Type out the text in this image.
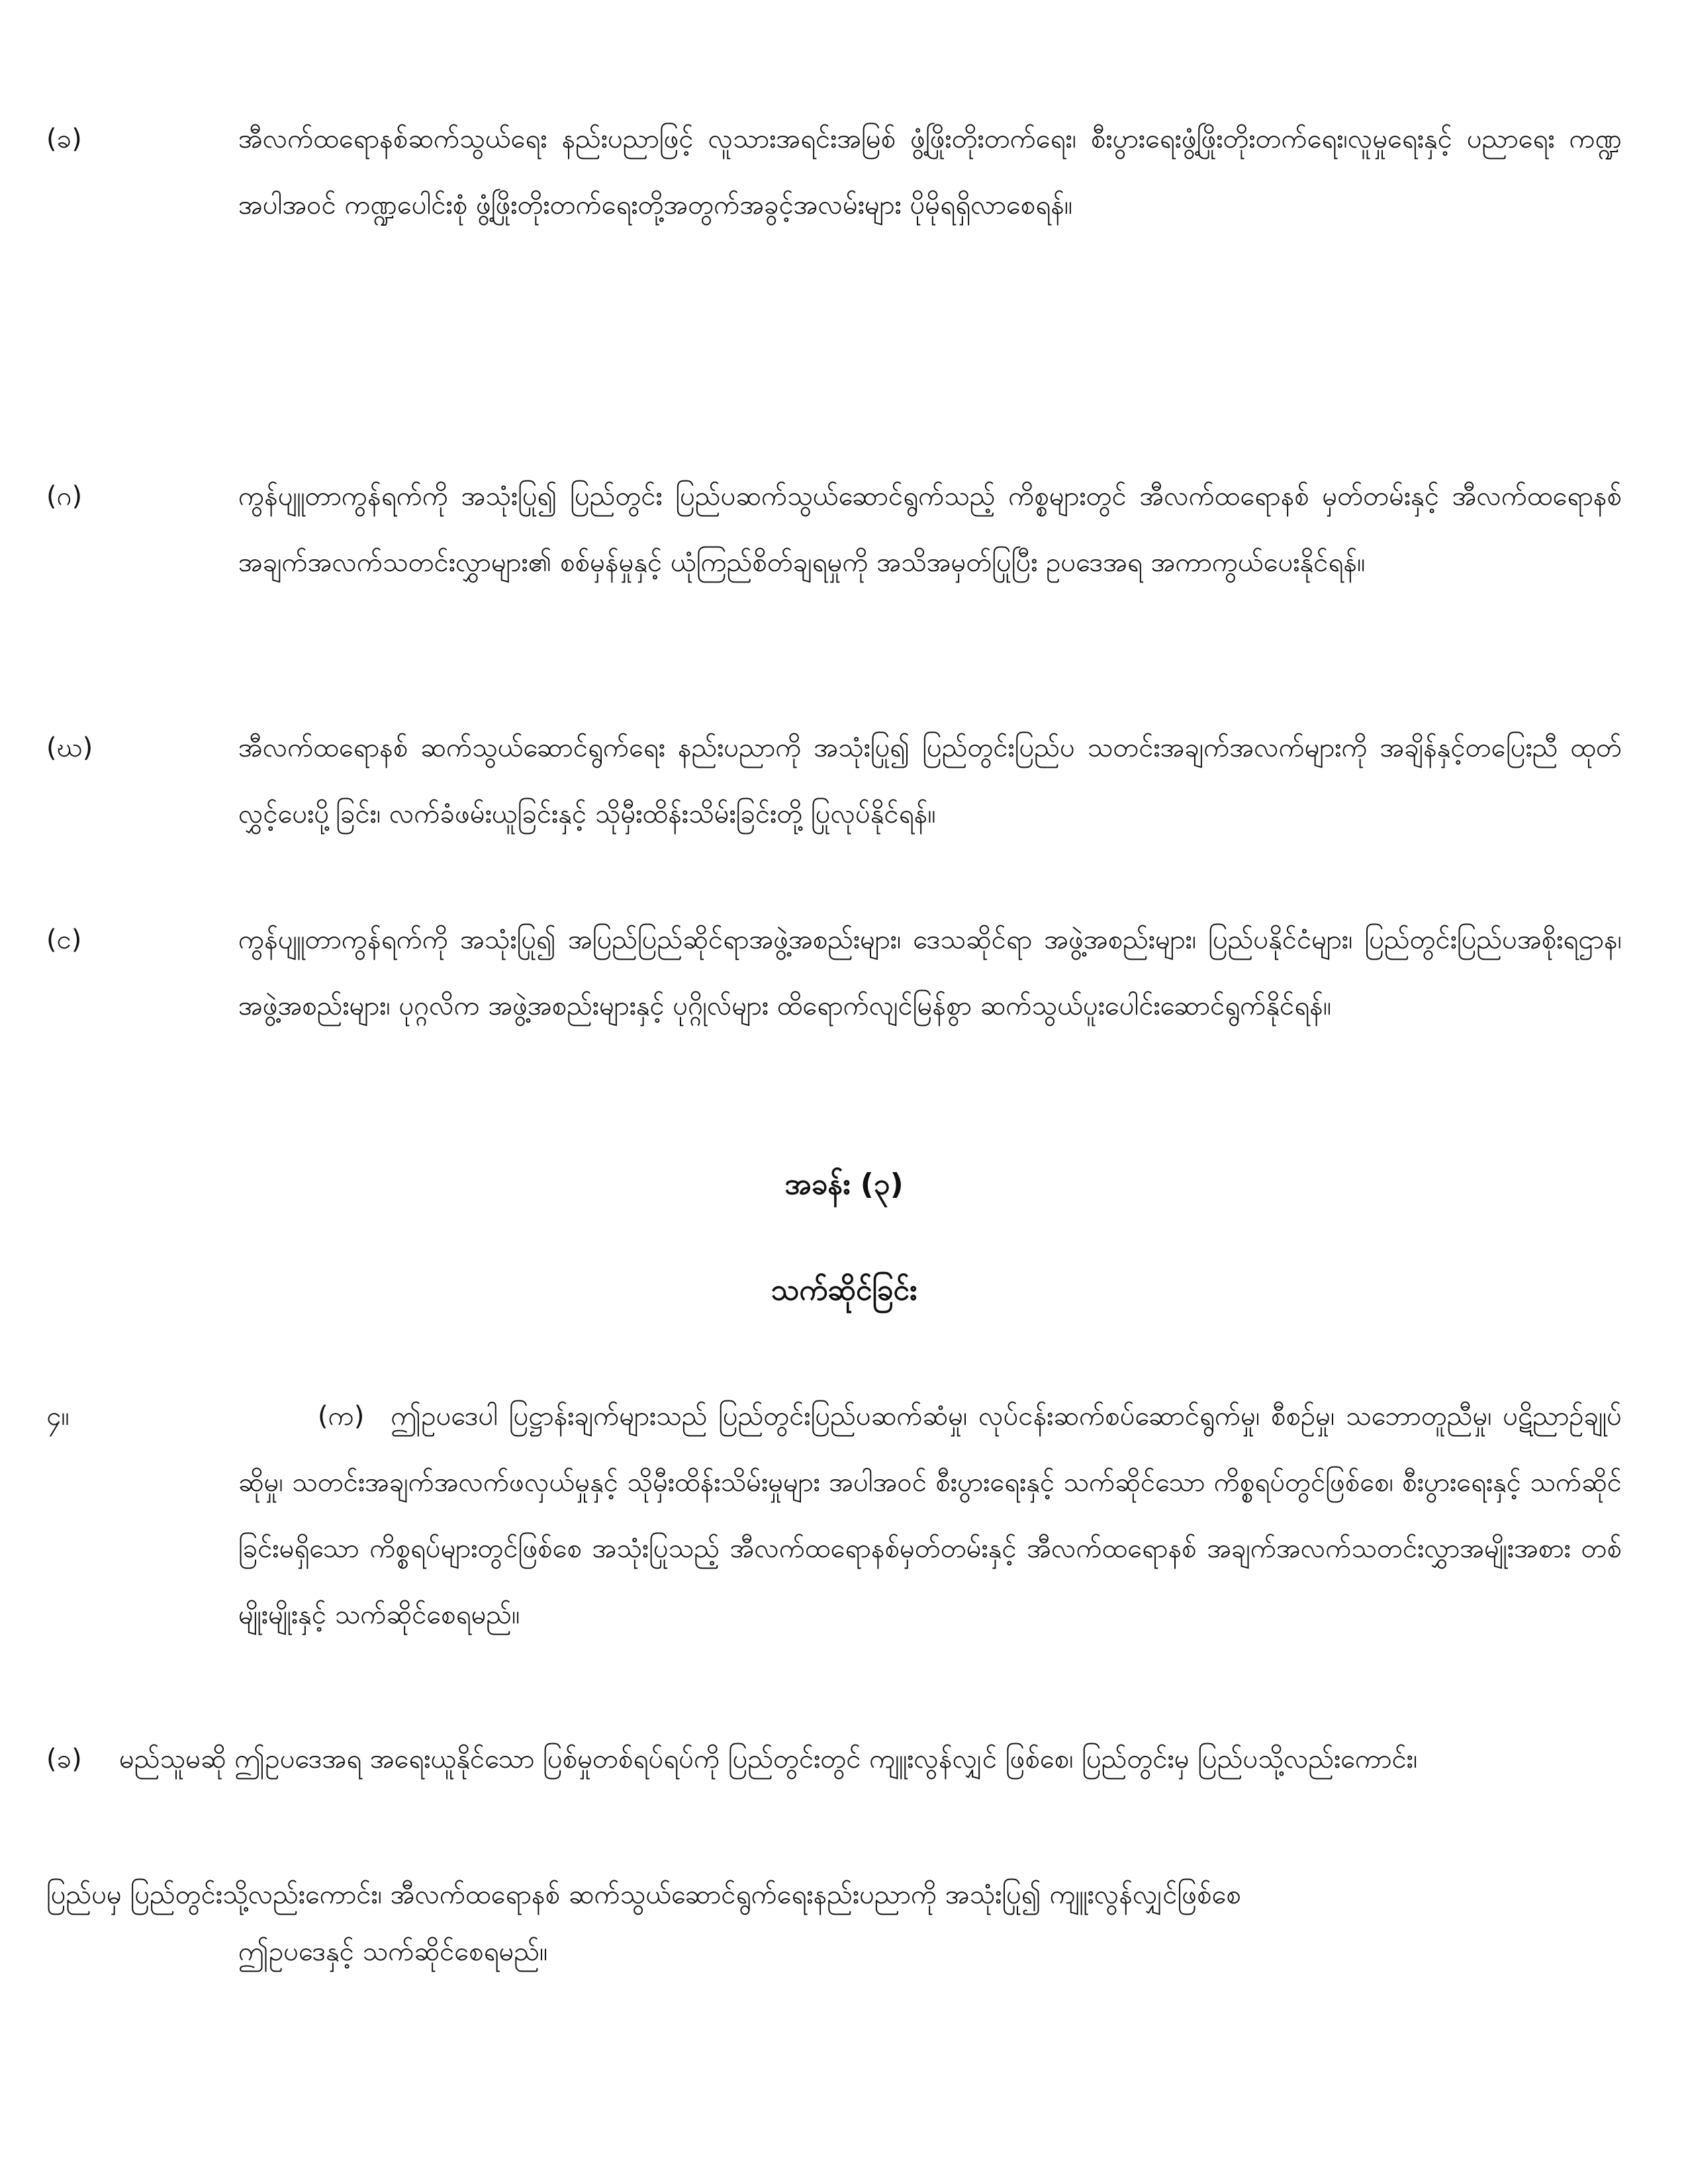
(ခ)	အီလက်ထရောနစ်ဆက်သွယ်ရေး နည်းပညာဖြင့် လူသားအရင်းအမြစ် ဖွံ့ဖြိုးတိုးတက်ရေး၊ စီးပွားရေးဖွံ့ဖြိုးတိုးတက်ရေး၊လူမှုရေးနှင့် ပညာရေး ကဏ္ဍအပါအဝင် ကဏ္ဍပေါင်းစုံ ဖွံ့ဖြိုးတိုးတက်ရေးတို့အတွက်အခွင့်အလမ်းများ ပိုမိုရရှိလာစေရန်။
(ဂ)	ကွန်ပျူတာကွန်ရက်ကို အသုံးပြု၍ ပြည်တွင်း ပြည်ပဆက်သွယ်ဆောင်ရွက်သည့် ကိစ္စများတွင် အီလက်ထရောနစ် မှတ်တမ်းနှင့် အီလက်ထရောနစ် အချက်အလက်သတင်းလွှာများ၏ စစ်မှန်မှုနှင့် ယုံကြည်စိတ်ချရမှုကို အသိအမှတ်ပြုပြီး ဥပဒေအရ အကာကွယ်ပေးနိုင်ရန်။
(ဃ)	အီလက်ထရောနစ် ဆက်သွယ်ဆောင်ရွက်ရေး နည်းပညာကို အသုံးပြု၍ ပြည်တွင်းပြည်ပ သတင်းအချက်အလက်များကို အချိန်နှင့်တပြေးညီ ထုတ်လွှင့်ပေးပို့ခြင်း၊ လက်ခံဖမ်းယူခြင်းနှင့် သိုမှီးထိန်းသိမ်းခြင်းတို့ ပြုလုပ်နိုင်ရန်။
(င)	ကွန်ပျူတာကွန်ရက်ကို အသုံးပြု၍ အပြည်ပြည်ဆိုင်ရာအဖွဲ့အစည်းများ၊ ဒေသဆိုင်ရာ အဖွဲ့အစည်းများ၊ ပြည်ပနိုင်ငံများ၊ ပြည်တွင်းပြည်ပအစိုးရဌာန၊ အဖွဲ့အစည်းများ၊ ပုဂ္ဂလိက အဖွဲ့အစည်းများနှင့် ပုဂ္ဂိုလ်များ ထိရောက်လျင်မြန်စွာ ဆက်သွယ်ပူးပေါင်းဆောင်ရွက်နိုင်ရန်။
အခန်း (၃)
သက်ဆိုင်ခြင်း
၄။	(က) ဤဥပဒေပါ ပြဋ္ဌာန်းချက်များသည် ပြည်တွင်းပြည်ပဆက်ဆံမှု၊ လုပ်ငန်းဆက်စပ်ဆောင်ရွက်မှု၊ စီစဉ်မှု၊ သဘောတူညီမှု၊ ပဋိညာဉ်ချုပ်ဆိုမှု၊ သတင်းအချက်အလက်ဖလှယ်မှုနှင့် သိုမှီးထိန်းသိမ်းမှုများ အပါအဝင် စီးပွားရေးနှင့် သက်ဆိုင်သော ကိစ္စရပ်တွင်ဖြစ်စေ၊ စီးပွားရေးနှင့် သက်ဆိုင်ခြင်းမရှိသော ကိစ္စရပ်များတွင်ဖြစ်စေ အသုံးပြုသည့် အီလက်ထရောနစ်မှတ်တမ်းနှင့် အီလက်ထရောနစ် အချက်အလက်သတင်းလွှာအမျိုးအစား တစ်မျိုးမျိုးနှင့် သက်ဆိုင်စေရမည်။
(ခ) မည်သူမဆို ဤဥပဒေအရ အရေးယူနိုင်သော ပြစ်မှုတစ်ရပ်ရပ်ကို ပြည်တွင်းတွင် ကျူးလွန်လျှင် ဖြစ်စေ၊ ပြည်တွင်းမှ ပြည်ပသို့လည်းကောင်း၊
ပြည်ပမှ ပြည်တွင်းသို့လည်းကောင်း၊ အီလက်ထရောနစ် ဆက်သွယ်ဆောင်ရွက်ရေးနည်းပညာကို အသုံးပြု၍ ကျူးလွန်လျှင်ဖြစ်စေ
ဤဥပဒေနှင့် သက်ဆိုင်စေရမည်။
